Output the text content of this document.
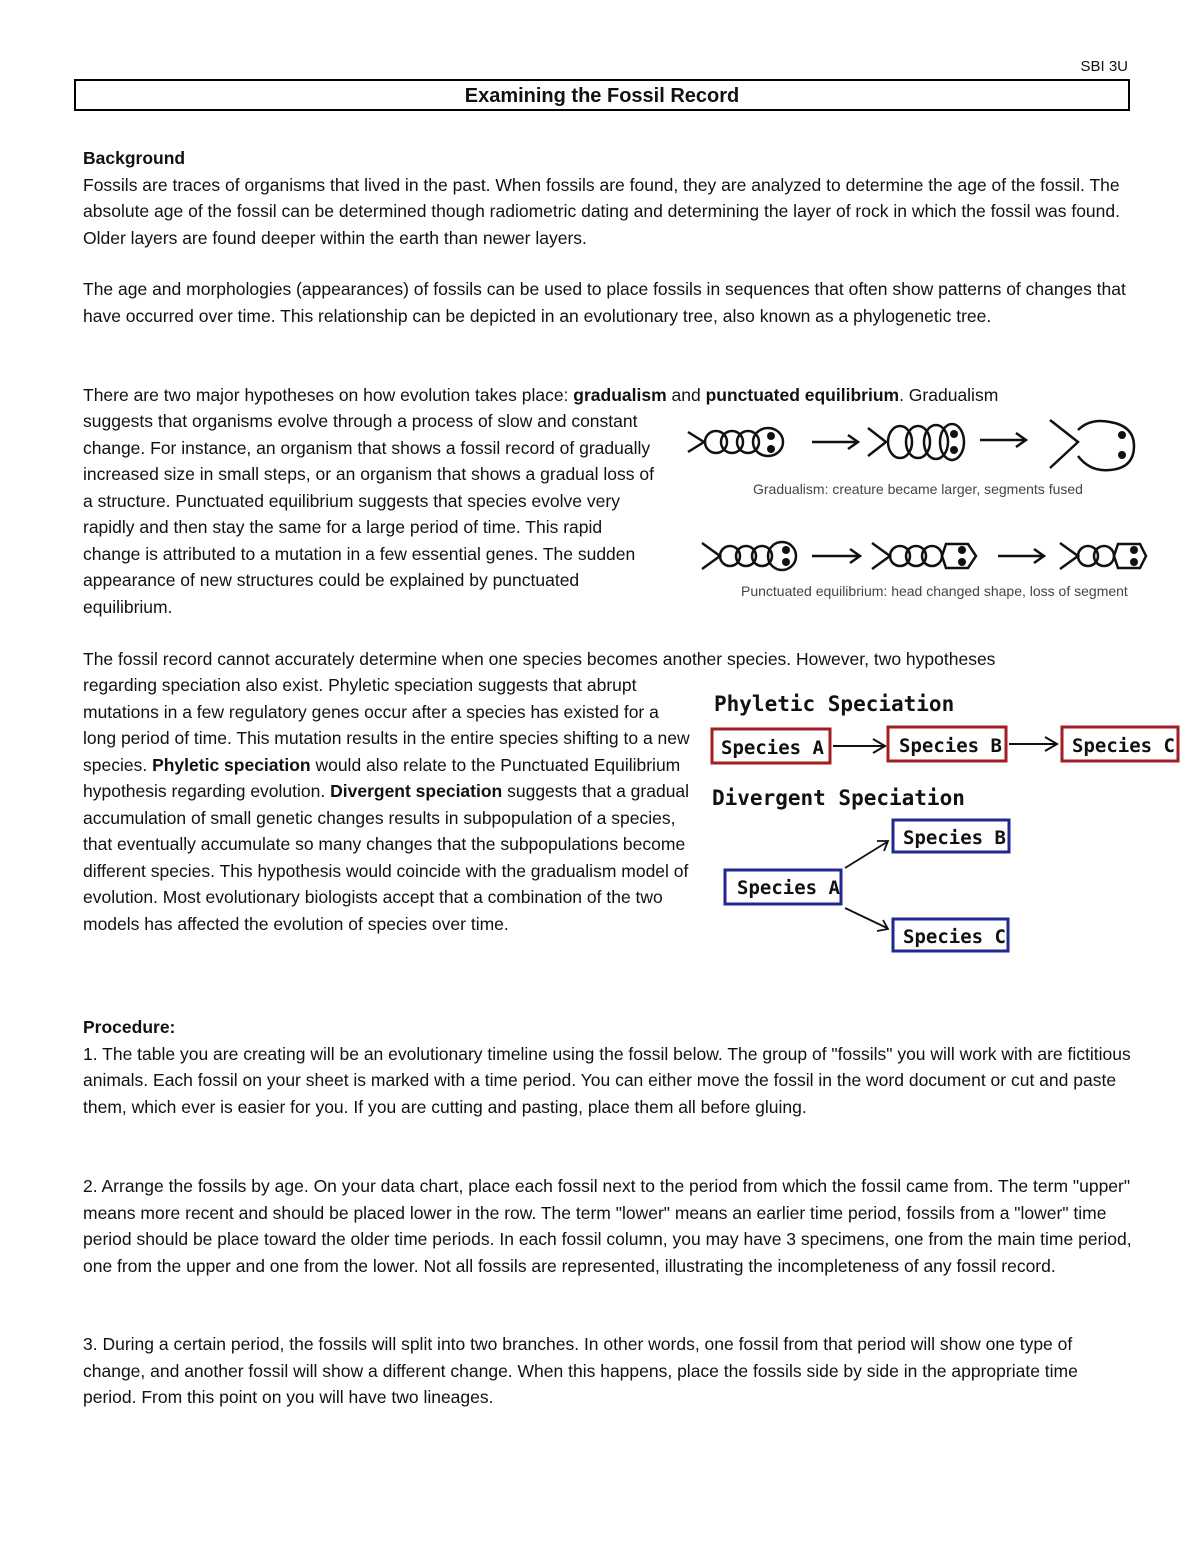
SBI 3U
Examining the Fossil Record

Background
Fossils are traces of organisms that lived in the past. When fossils are found, they are analyzed to determine the age of the fossil. The absolute age of the fossil can be determined though radiometric dating and determining the layer of rock in which the fossil was found. Older layers are found deeper within the earth than newer layers.

The age and morphologies (appearances) of fossils can be used to place fossils in sequences that often show patterns of changes that have occurred over time. This relationship can be depicted in an evolutionary tree, also known as a phylogenetic tree.

There are two major hypotheses on how evolution takes place: gradualism and punctuated equilibrium. Gradualism

suggests that organisms evolve through a process of slow and constant change. For instance, an organism that shows a fossil record of gradually increased size in small steps, or an organism that shows a gradual loss of a structure. Punctuated equilibrium suggests that species evolve very rapidly and then stay the same for a large period of time. This rapid change is attributed to a mutation in a few essential genes. The sudden appearance of new structures could be explained by punctuated equilibrium.

Gradualism: creature became larger, segments fused
Punctuated equilibrium: head changed shape, loss of segment

The fossil record cannot accurately determine when one species becomes another species. However, two hypotheses

regarding speciation also exist. Phyletic speciation suggests that abrupt mutations in a few regulatory genes occur after a species has existed for a long period of time. This mutation results in the entire species shifting to a new species. Phyletic speciation would also relate to the Punctuated Equilibrium hypothesis regarding evolution. Divergent speciation suggests that a gradual accumulation of small genetic changes results in subpopulation of a species, that eventually accumulate so many changes that the subpopulations become different species. This hypothesis would coincide with the gradualism model of evolution. Most evolutionary biologists accept that a combination of the two models has affected the evolution of species over time.

Phyletic Speciation
Species A	Species B	Species C
Divergent Speciation
Species B
Species A
Species C

Procedure:
1. The table you are creating will be an evolutionary timeline using the fossil below. The group of "fossils" you will work with are fictitious animals. Each fossil on your sheet is marked with a time period. You can either move the fossil in the word document or cut and paste them, which ever is easier for you. If you are cutting and pasting, place them all before gluing.

2. Arrange the fossils by age. On your data chart, place each fossil next to the period from which the fossil came from. The term "upper" means more recent and should be placed lower in the row. The term "lower" means an earlier time period, fossils from a "lower" time period should be place toward the older time periods. In each fossil column, you may have 3 specimens, one from the main time period, one from the upper and one from the lower. Not all fossils are represented, illustrating the incompleteness of any fossil record.

3. During a certain period, the fossils will split into two branches. In other words, one fossil from that period will show one type of change, and another fossil will show a different change. When this happens, place the fossils side by side in the appropriate time period. From this point on you will have two lineages.
